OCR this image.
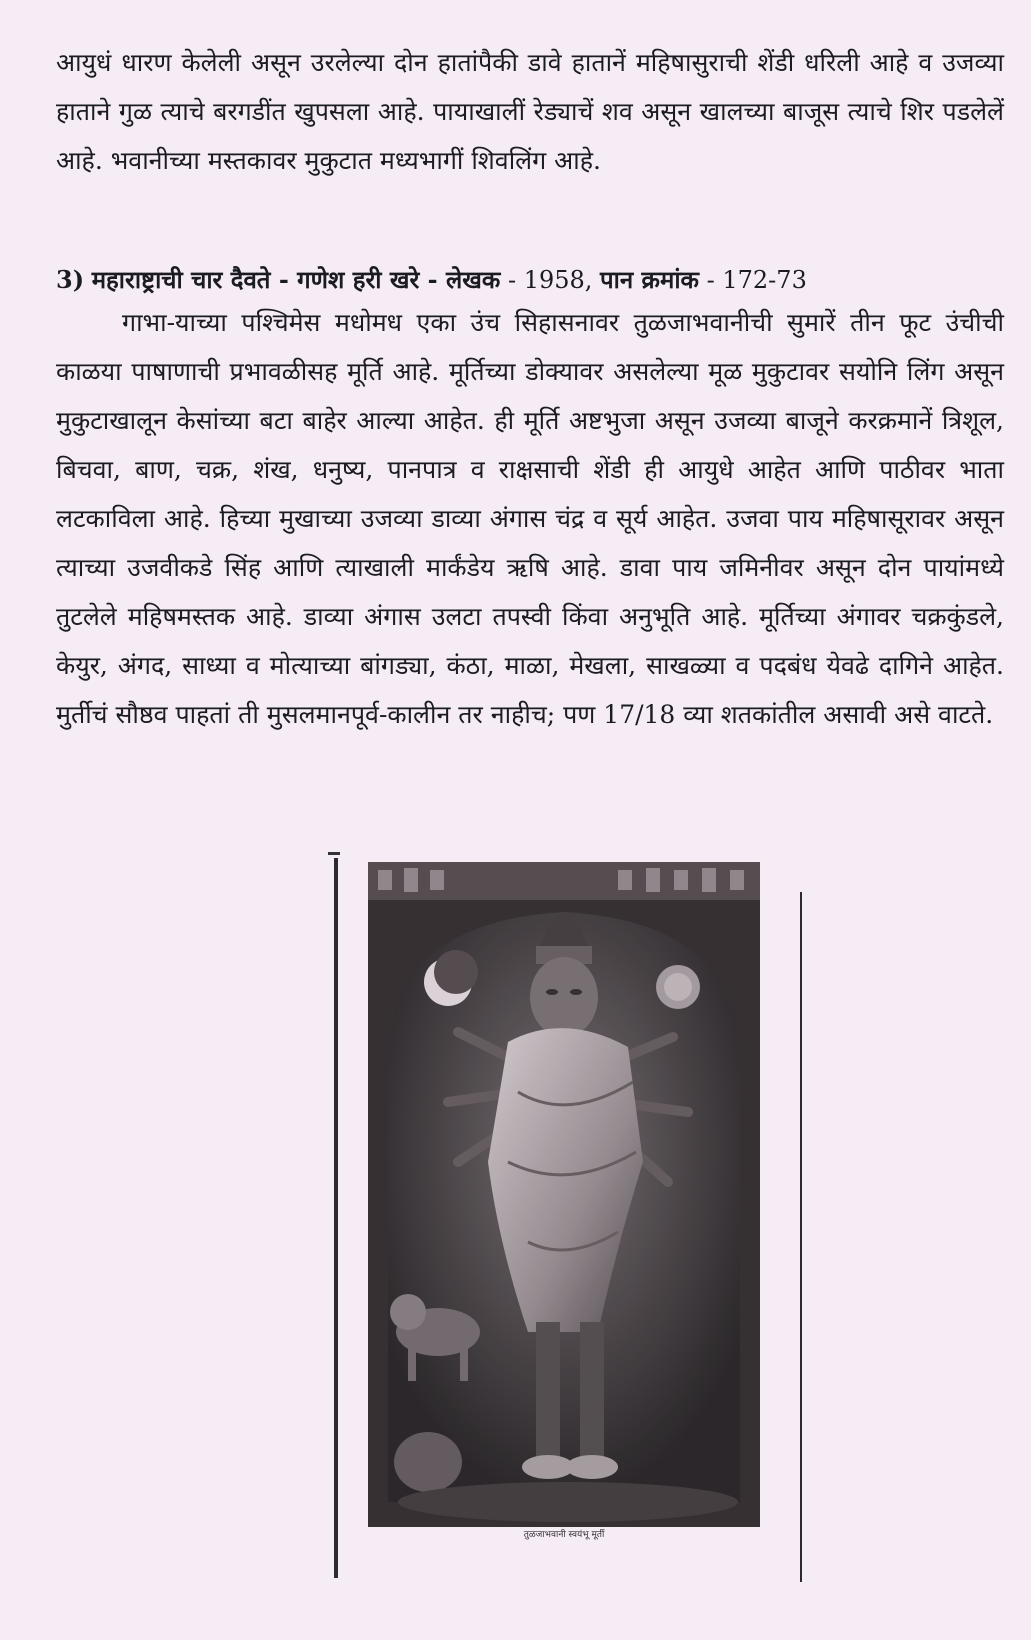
आयुधं धारण केलेली असून उरलेल्या दोन हातांपैकी डावे हातानें महिषासुराची शेंडी धरिली आहे व उजव्या हाताने गुळ त्याचे बरगडींत खुपसला आहे. पायाखालीं रेड्याचें शव असून खालच्या बाजूस त्याचे शिर पडलेलें आहे. भवानीच्या मस्तकावर मुकुटात मध्यभागीं शिवलिंग आहे.

3) महाराष्ट्राची चार दैवते - गणेश हरी खरे - लेखक - 1958, पान क्रमांक - 172-73

गाभा-याच्या पश्चिमेस मधोमध एका उंच सिहासनावर तुळजाभवानीची सुमारें तीन फूट उंचीची काळया पाषाणाची प्रभावळीसह मूर्ति आहे. मूर्तिच्या डोक्यावर असलेल्या मूळ मुकुटावर सयोनि लिंग असून मुकुटाखालून केसांच्या बटा बाहेर आल्या आहेत. ही मूर्ति अष्टभुजा असून उजव्या बाजूने करक्रमानें त्रिशूल, बिचवा, बाण, चक्र, शंख, धनुष्य, पानपात्र व राक्षसाची शेंडी ही आयुधे आहेत आणि पाठीवर भाता लटकाविला आहे. हिच्या मुखाच्या उजव्या डाव्या अंगास चंद्र व सूर्य आहेत. उजवा पाय महिषासूरावर असून त्याच्या उजवीकडे सिंह आणि त्याखाली मार्कंडेय ऋषि आहे. डावा पाय जमिनीवर असून दोन पायांमध्ये तुटलेले महिषमस्तक आहे. डाव्या अंगास उलटा तपस्वी किंवा अनुभूति आहे. मूर्तिच्या अंगावर चक्रकुंडले, केयुर, अंगद, साध्या व मोत्याच्या बांगड्या, कंठा, माळा, मेखला, साखळ्या व पदबंध येवढे दागिने आहेत. मुर्तीचं सौष्ठव पाहतां ती मुसलमानपूर्व-कालीन तर नाहीच; पण 17/18 व्या शतकांतील असावी असे वाटते.

तुळजाभवानी स्वयंभू मूर्ती
